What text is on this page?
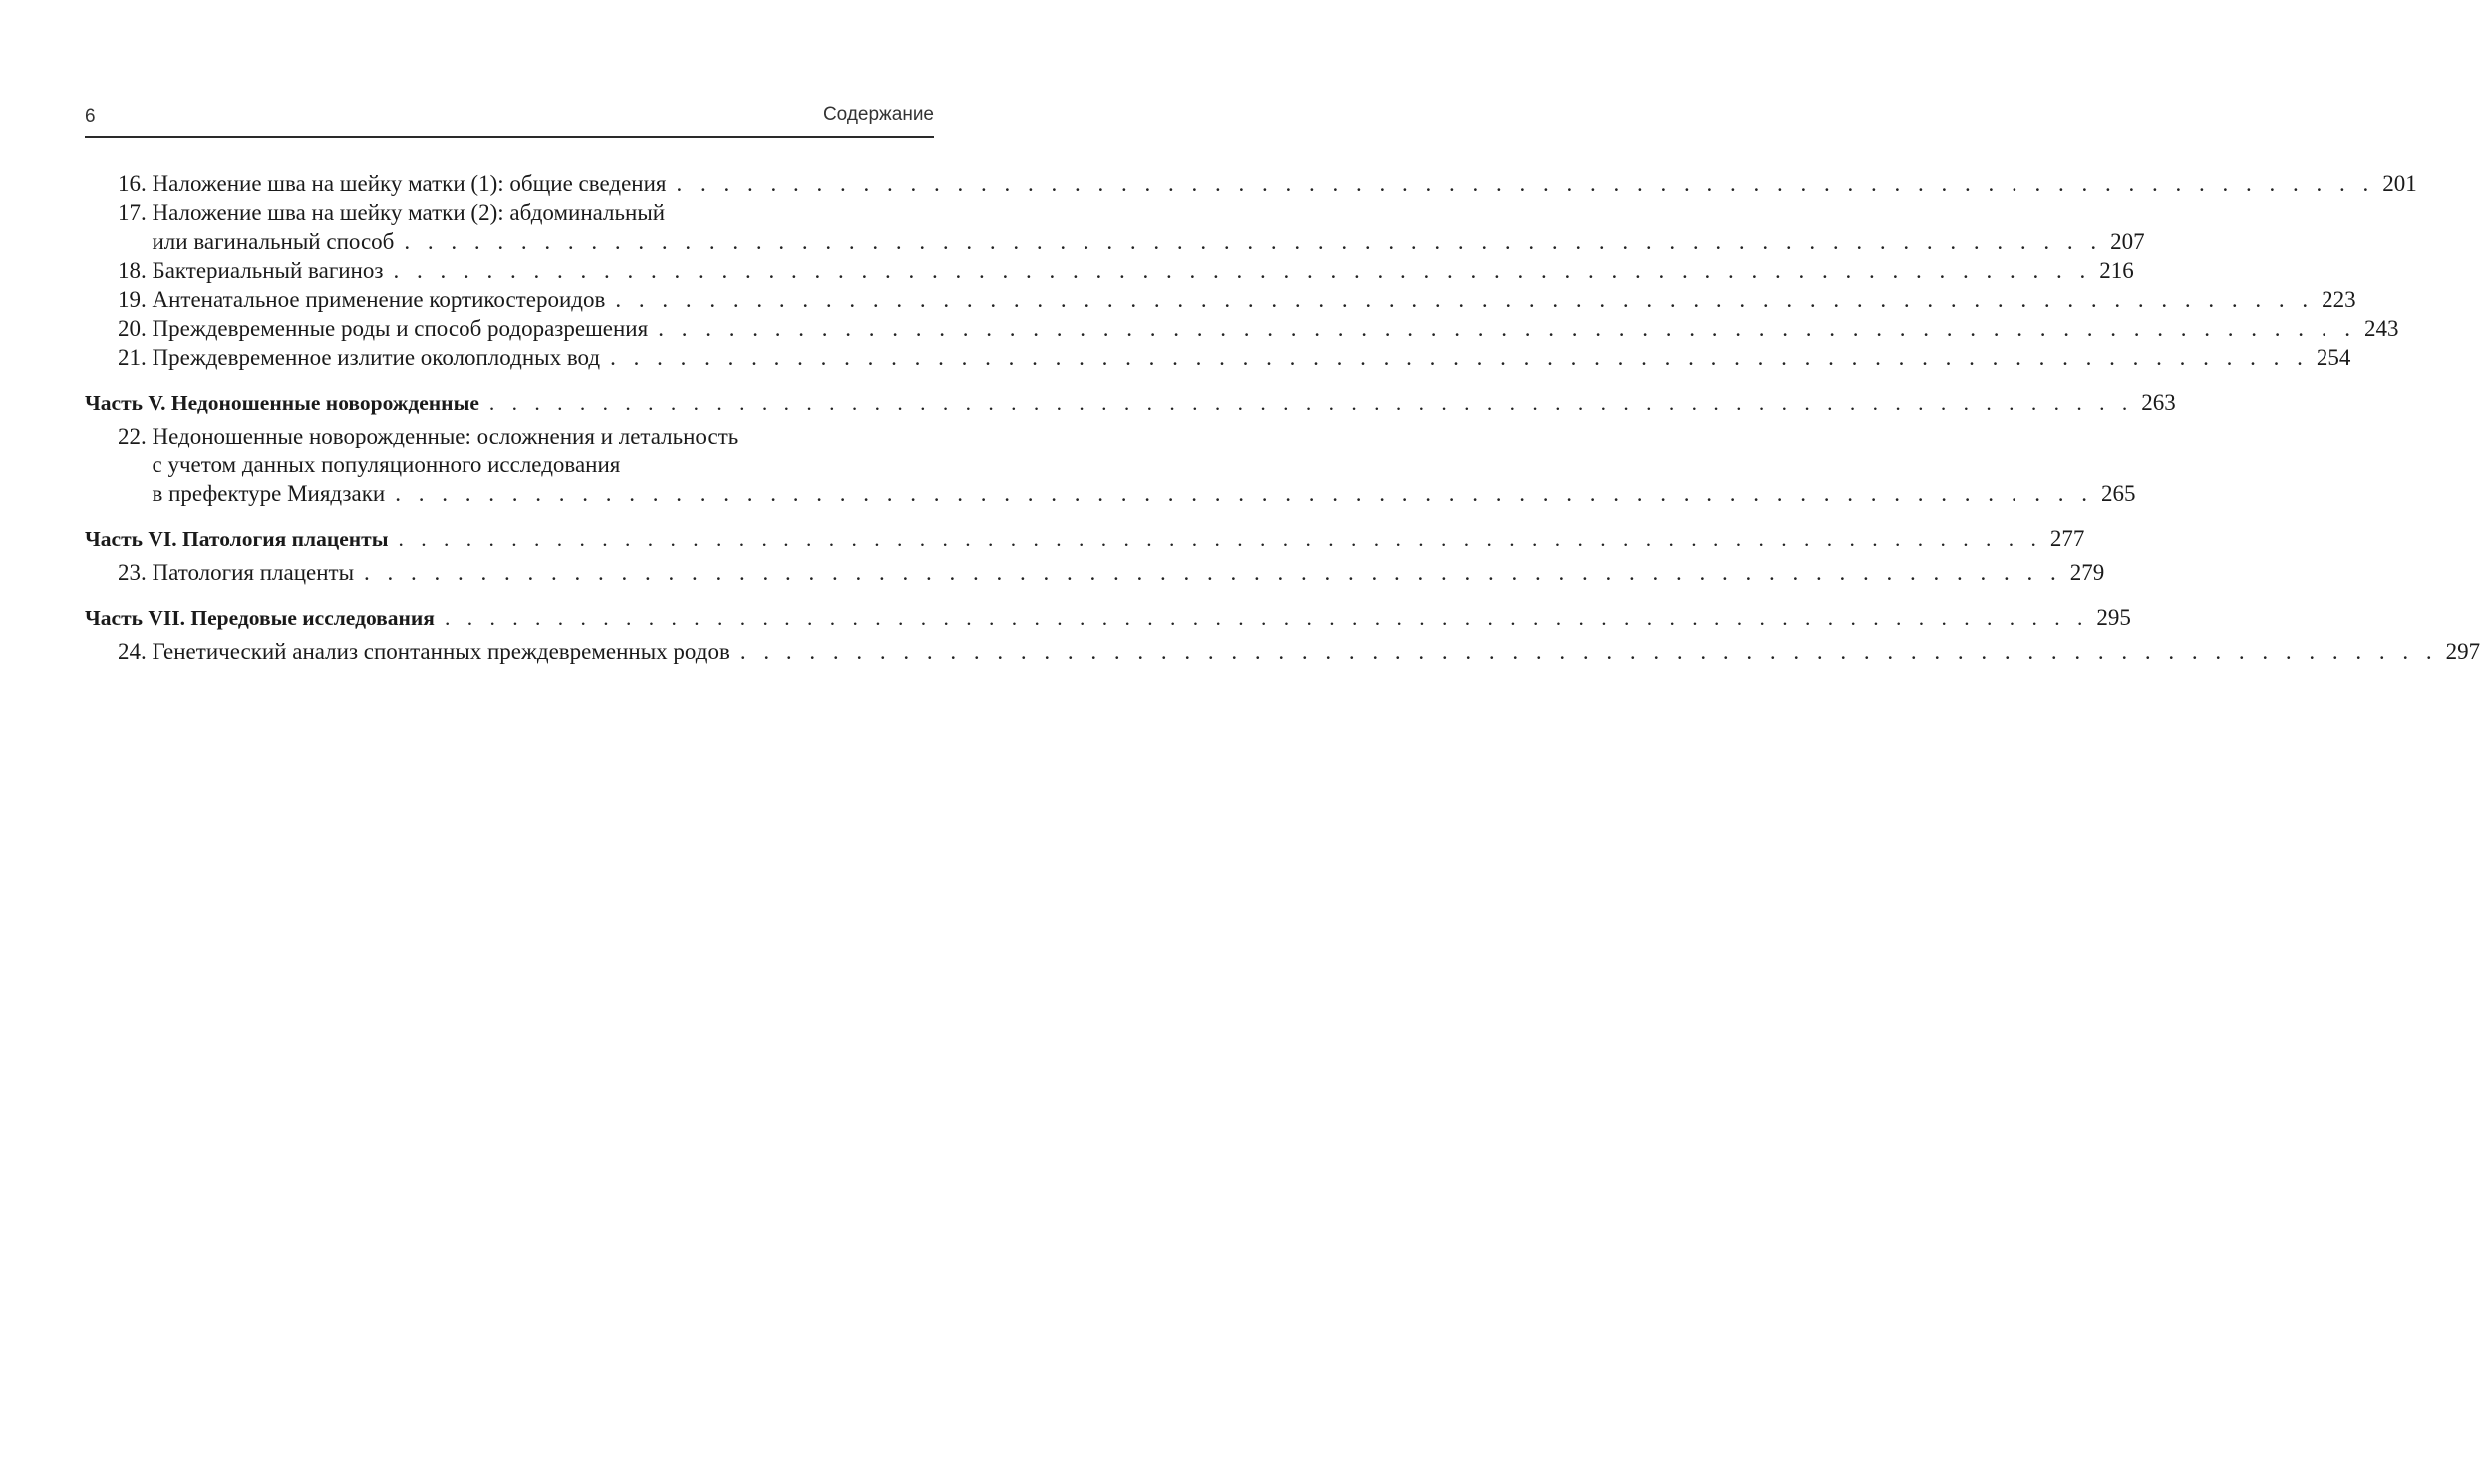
6	Содержание
16. Наложение шва на шейку матки (1): общие сведения . . . . . . . . . . . . . . . . . . . . . . . . . . . . . . . . . . . . . . . . . . . . . . . . . . . . . . . . . . . . . . . . . . . . . . . . . 201
17. Наложение шва на шейку матки (2): абдоминальный
или вагинальный способ . . . . . . . . . . . . . . . . . . . . . . . . . . . . . . . . . . . . . . . . . . . . . . . . . . . . . . . . . . . . . . . . . . . . . . . . . 207
18. Бактериальный вагиноз . . . . . . . . . . . . . . . . . . . . . . . . . . . . . . . . . . . . . . . . . . . . . . . . . . . . . . . . . . . . . . . . . . . . . . . . . 216
19. Антенатальное применение кортикостероидов . . . . . . . . . . . . . . . . . . . . . . . . . . . . . . . . . . . . . . . . . . . . . . . . . . . . . . . . . . . . . . . . . . . . . . . . . 223
20. Преждевременные роды и способ родоразрешения . . . . . . . . . . . . . . . . . . . . . . . . . . . . . . . . . . . . . . . . . . . . . . . . . . . . . . . . . . . . . . . . . . . . . . . . . 243
21. Преждевременное излитие околоплодных вод . . . . . . . . . . . . . . . . . . . . . . . . . . . . . . . . . . . . . . . . . . . . . . . . . . . . . . . . . . . . . . . . . . . . . . . . . 254
Часть V. Недоношенные новорожденные . . . . . . . . . . . . . . . . . . . . . . . . . . . . . . . . . . . . . . . . . . . . . . . . . . . . . . . . . . . . . . . . . . . . . . . . . 263
22. Недоношенные новорожденные: осложнения и летальность
с учетом данных популяционного исследования
в префектуре Миядзаки . . . . . . . . . . . . . . . . . . . . . . . . . . . . . . . . . . . . . . . . . . . . . . . . . . . . . . . . . . . . . . . . . . . . . . . . . 265
Часть VI. Патология плаценты . . . . . . . . . . . . . . . . . . . . . . . . . . . . . . . . . . . . . . . . . . . . . . . . . . . . . . . . . . . . . . . . . . . . . . . . . 277
23. Патология плаценты . . . . . . . . . . . . . . . . . . . . . . . . . . . . . . . . . . . . . . . . . . . . . . . . . . . . . . . . . . . . . . . . . . . . . . . . . 279
Часть VII. Передовые исследования . . . . . . . . . . . . . . . . . . . . . . . . . . . . . . . . . . . . . . . . . . . . . . . . . . . . . . . . . . . . . . . . . . . . . . . . . 295
24. Генетический анализ спонтанных преждевременных родов . . . . . . . . . . . . . . . . . . . . . . . . . . . . . . . . . . . . . . . . . . . . . . . . . . . . . . . . . . . . . . . . . . . . . . . . . 297
